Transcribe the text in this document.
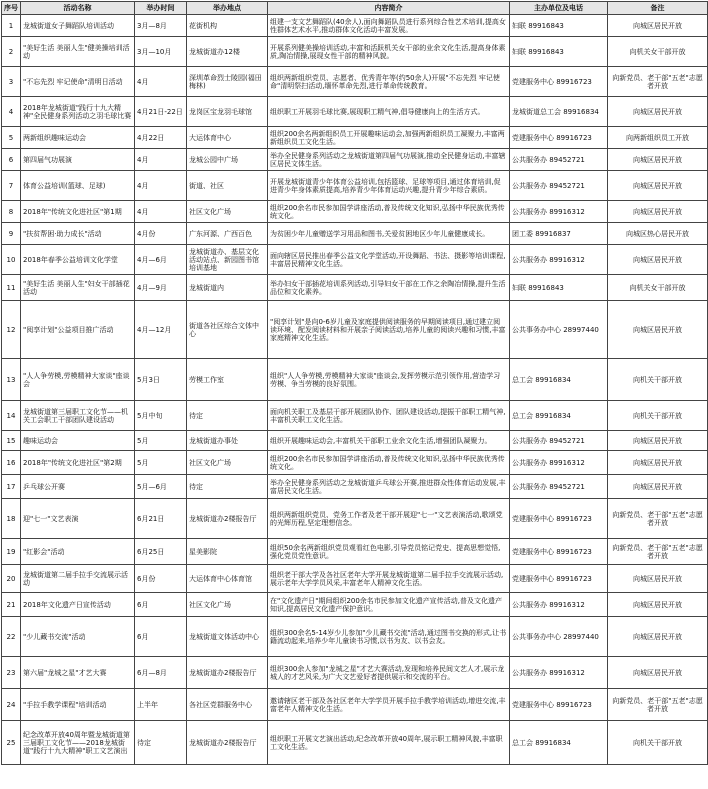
序号	活动名称	举办时间	举办地点	内容简介	主办单位及电话	备注
1	龙城街道女子舞蹈队培训活动	3月—8月	花街机构	组建一支文艺舞蹈队(40余人),面向舞蹈队员进行系列综合性艺术培训,提高女性群体艺术水平,推动群体文化活动丰富发展。	妇联 89916843	向城区居民开放
2	"美好生活 美丽人生"健美操培训活动	3月—10月	龙城街道办12楼	开展系列健美操培训活动,丰富和活跃机关女干部的业余文化生活,提高身体素质,陶冶情操,展现女性干部的精神风貌。	妇联 89916843	向机关女干部开放
3	"不忘先烈 牢记使命"清明日活动	4月	深圳革命烈士陵园(福田梅林)	组织两新组织党员、志愿者、优秀青年等(约50余人)开展"不忘先烈 牢记使命"清明祭扫活动,缅怀革命先烈,进行革命传统教育。	党建服务中心 89916723	向新党员、老干部"五老"志愿者开放
4	2018年龙城街道"践行十九大精神"全民健身系列活动之羽毛球比赛	4月21日-22日	龙岗区宝龙羽毛球馆	组织职工开展羽毛球比赛,展现职工精气神,倡导健康向上的生活方式。	龙城街道总工会 89916834	向城区居民开放
5	两新组织趣味运动会	4月22日	大运体育中心	组织200余名两新组织员工开展趣味运动会,加强两新组织员工凝聚力,丰富两新组织员工文化生活。	党建服务中心 89916723	向两新组织员工开放
6	第四届气功展演	4月	龙城公园中广场	举办全民健身系列活动之龙城街道第四届气功展演,推动全民健身运动,丰富辖区居民文体生活。	公共服务办 89452721	向城区居民开放
7	体育公益培训(篮球、足球)	4月	街道、社区	开展龙城街道青少年体育公益培训,包括篮球、足球等项目,通过体育培训,促进青少年身体素质提高,培养青少年体育运动兴趣,提升青少年综合素质。	公共服务办 89452721	向城区居民开放
8	2018年"传统文化进社区"第1期	4月	社区文化广场	组织200余名市民参加国学讲座活动,普及传统文化知识,弘扬中华民族优秀传统文化。	公共服务办 89916312	向城区居民开放
9	"扶贫帮困·助力成长"活动	4月份	广东河源、广西百色	为贫困少年儿童赠送学习用品和图书,关爱贫困地区少年儿童健康成长。	团工委 89916837	向城区热心居民开放
10	2018年春季公益培训文化学堂	4月—6月	龙城街道办、基层文化活动站点、新园图书馆培训基地	面向辖区居民推出春季公益文化学堂活动,开设舞蹈、书法、摄影等培训课程,丰富居民精神文化生活。	公共服务办 89916312	向城区居民开放
11	"美好生活 美丽人生"妇女干部插花活动	4月—9月	龙城街道内	举办妇女干部插花培训系列活动,引导妇女干部在工作之余陶冶情操,提升生活品位和文化素养。	妇联 89916843	向机关女干部开放
12	"阅享计划"公益项目推广活动	4月—12月	街道各社区综合文体中心	"阅享计划"是向0-6岁儿童及家庭提供阅读服务的早期阅读项目,通过建立阅读环境、配发阅读材料和开展亲子阅读活动,培养儿童的阅读兴趣和习惯,丰富家庭精神文化生活。	公共事务办中心 28997440	向城区居民开放
13	"人人争劳模,劳模精神大家谈"座谈会	5月3日	劳模工作室	组织"人人争劳模,劳模精神大家谈"座谈会,发挥劳模示范引领作用,营造学习劳模、争当劳模的良好氛围。	总工会 89916834	向机关干部开放
14	龙城街道第三届职工文化节——机关工会职工干部团队建设活动	5月中旬	待定	面向机关职工及基层干部开展团队协作、团队建设活动,提振干部职工精气神,丰富机关职工文化生活。	总工会 89916834	向机关干部开放
15	趣味运动会	5月	龙城街道办事处	组织开展趣味运动会,丰富机关干部职工业余文化生活,增强团队凝聚力。	公共服务办 89452721	向城区居民开放
16	2018年"传统文化进社区"第2期	5月	社区文化广场	组织200余名市民参加国学讲座活动,普及传统文化知识,弘扬中华民族优秀传统文化。	公共服务办 89916312	向城区居民开放
17	乒乓球公开赛	5月—6月	待定	举办全民健身系列活动之龙城街道乒乓球公开赛,推进群众性体育运动发展,丰富居民文化生活。	公共服务办 89452721	向城区居民开放
18	迎"七一"文艺表演	6月21日	龙城街道办2楼报告厅	组织两新组织党员、党务工作者及老干部开展迎"七一"文艺表演活动,歌颂党的光辉历程,坚定理想信念。	党建服务中心 89916723	向新党员、老干部"五老"志愿者开放
19	"红影会"活动	6月25日	星美影院	组织50余名两新组织党员观看红色电影,引导党员铭记党史、提高思想觉悟,强化党员党性意识。	党建服务中心 89916723	向新党员、老干部"五老"志愿者开放
20	龙城街道第二届手拉手交流展示活动	6月份	大运体育中心体育馆	组织老干部大学及各社区老年大学开展龙城街道第二届手拉手交流展示活动,展示老年大学学员风采,丰富老年人精神文化生活。	党建服务中心 89916723	向城区居民开放
21	2018年文化遗产日宣传活动	6月	社区文化广场	在"文化遗产日"期间组织200余名市民参加文化遗产宣传活动,普及文化遗产知识,提高居民文化遗产保护意识。	公共服务办 89916312	向城区居民开放
22	"少儿藏书交流"活动	6月	龙城街道文体活动中心	组织300余名5-14岁少儿参加"少儿藏书交流"活动,通过图书交换的形式,让书籍流动起来,培养少年儿童读书习惯,以书为友、以书会友。	公共事务办中心 28997440	向城区居民开放
23	第六届"龙城之星"才艺大赛	6月—8月	龙城街道办2楼报告厅	组织300余人参加"龙城之星"才艺大赛活动,发现和培养民间文艺人才,展示龙城人的才艺风采,为广大文艺爱好者提供展示和交流的平台。	公共服务办 89916312	向城区居民开放
24	"手拉手教学课程"培训活动	上半年	各社区党群服务中心	邀请辖区老干部及各社区老年大学学员开展手拉手教学培训活动,增进交流,丰富老年人精神文化生活。	党建服务中心 89916723	向新党员、老干部"五老"志愿者开放
25	纪念改革开放40周年暨龙城街道第三届职工文化节——2018龙城街道"践行十九大精神"职工文艺演出	待定	龙城街道办2楼报告厅	组织职工开展文艺演出活动,纪念改革开放40周年,展示职工精神风貌,丰富职工文化生活。	总工会 89916834	向机关干部开放
